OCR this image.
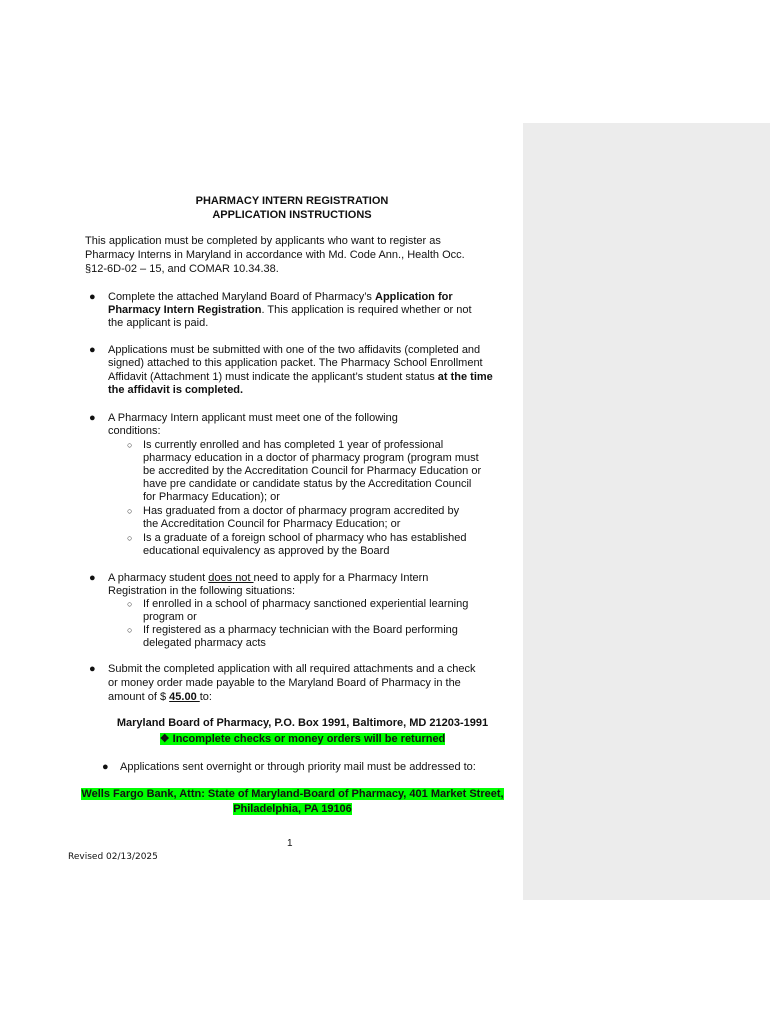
PHARMACY INTERN REGISTRATION
APPLICATION INSTRUCTIONS
This application must be completed by applicants who want to register as
Pharmacy Interns in Maryland in accordance with Md. Code Ann., Health Occ.
§12-6D-02 – 15, and COMAR 10.34.38.
● Complete the attached Maryland Board of Pharmacy’s Application for
Pharmacy Intern Registration. This application is required whether or not
the applicant is paid.
● Applications must be submitted with one of the two affidavits (completed and
signed) attached to this application packet. The Pharmacy School Enrollment
Affidavit (Attachment 1) must indicate the applicant’s student status at the time
the affidavit is completed.
● A Pharmacy Intern applicant must meet one of the following
conditions:
○ Is currently enrolled and has completed 1 year of professional
pharmacy education in a doctor of pharmacy program (program must
be accredited by the Accreditation Council for Pharmacy Education or
have pre candidate or candidate status by the Accreditation Council
for Pharmacy Education); or
○ Has graduated from a doctor of pharmacy program accredited by
the Accreditation Council for Pharmacy Education; or
○ Is a graduate of a foreign school of pharmacy who has established
educational equivalency as approved by the Board
● A pharmacy student does not need to apply for a Pharmacy Intern
Registration in the following situations:
○ If enrolled in a school of pharmacy sanctioned experiential learning
program or
○ If registered as a pharmacy technician with the Board performing
delegated pharmacy acts
● Submit the completed application with all required attachments and a check
or money order made payable to the Maryland Board of Pharmacy in the
amount of $ 45.00 to:
Maryland Board of Pharmacy, P.O. Box 1991, Baltimore, MD 21203-1991
❖ Incomplete checks or money orders will be returned
● Applications sent overnight or through priority mail must be addressed to:
Wells Fargo Bank, Attn: State of Maryland-Board of Pharmacy, 401 Market Street,
Philadelphia, PA 19106
1
Revised 02/13/2025
